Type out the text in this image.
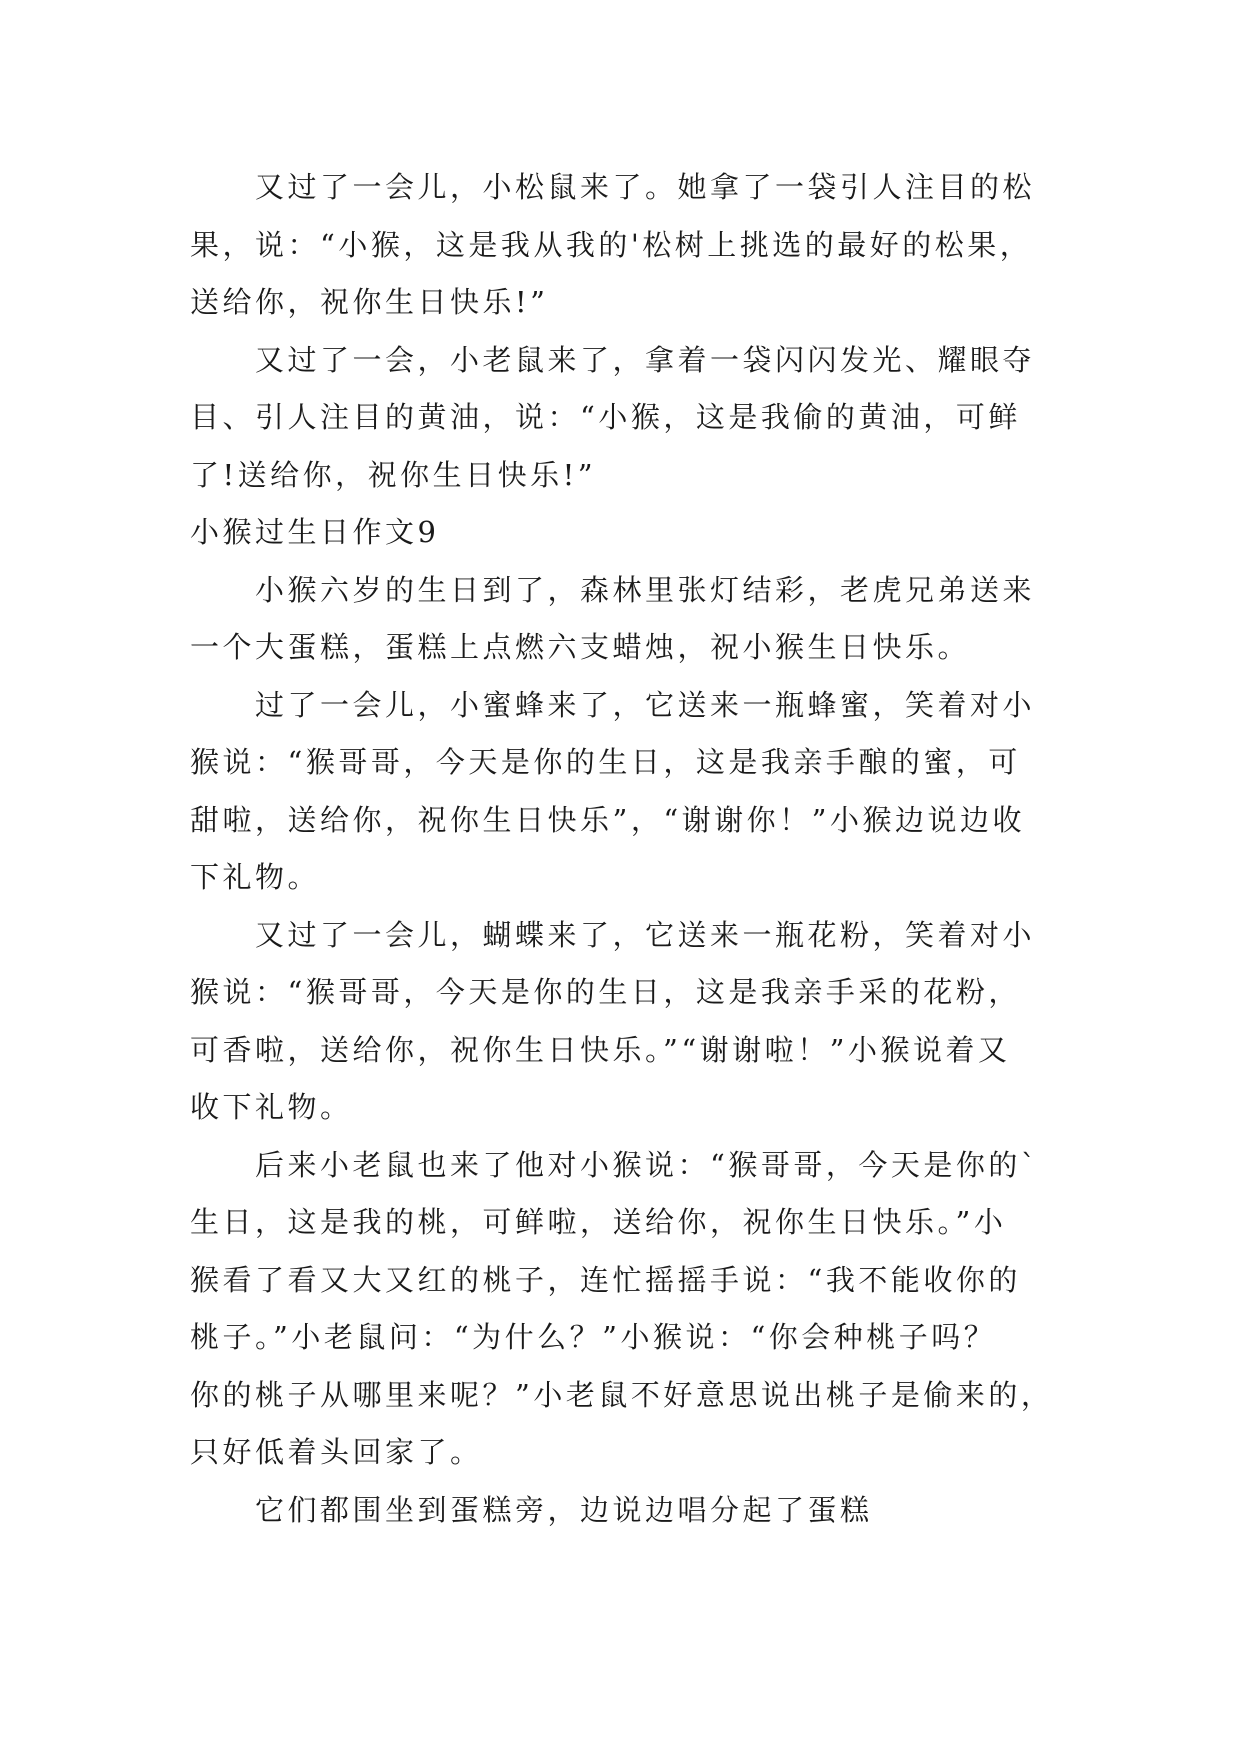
又过了一会儿，小松鼠来了。她拿了一袋引人注目的松
果，说：“小猴，这是我从我的'松树上挑选的最好的松果，
送给你，祝你生日快乐!”
又过了一会，小老鼠来了，拿着一袋闪闪发光、耀眼夺
目、引人注目的黄油，说：“小猴，这是我偷的黄油，可鲜
了!送给你，祝你生日快乐!”
小猴过生日作文9
小猴六岁的生日到了，森林里张灯结彩，老虎兄弟送来
一个大蛋糕，蛋糕上点燃六支蜡烛，祝小猴生日快乐。
过了一会儿，小蜜蜂来了，它送来一瓶蜂蜜，笑着对小
猴说：“猴哥哥，今天是你的生日，这是我亲手酿的蜜，可
甜啦，送给你，祝你生日快乐”，“谢谢你！”小猴边说边收
下礼物。
又过了一会儿，蝴蝶来了，它送来一瓶花粉，笑着对小
猴说：“猴哥哥，今天是你的生日，这是我亲手采的花粉，
可香啦，送给你，祝你生日快乐。”“谢谢啦！”小猴说着又
收下礼物。
后来小老鼠也来了他对小猴说：“猴哥哥，今天是你的`
生日，这是我的桃，可鲜啦，送给你，祝你生日快乐。”小
猴看了看又大又红的桃子，连忙摇摇手说：“我不能收你的
桃子。”小老鼠问：“为什么？”小猴说：“你会种桃子吗？
你的桃子从哪里来呢？”小老鼠不好意思说出桃子是偷来的，
只好低着头回家了。
它们都围坐到蛋糕旁，边说边唱分起了蛋糕
